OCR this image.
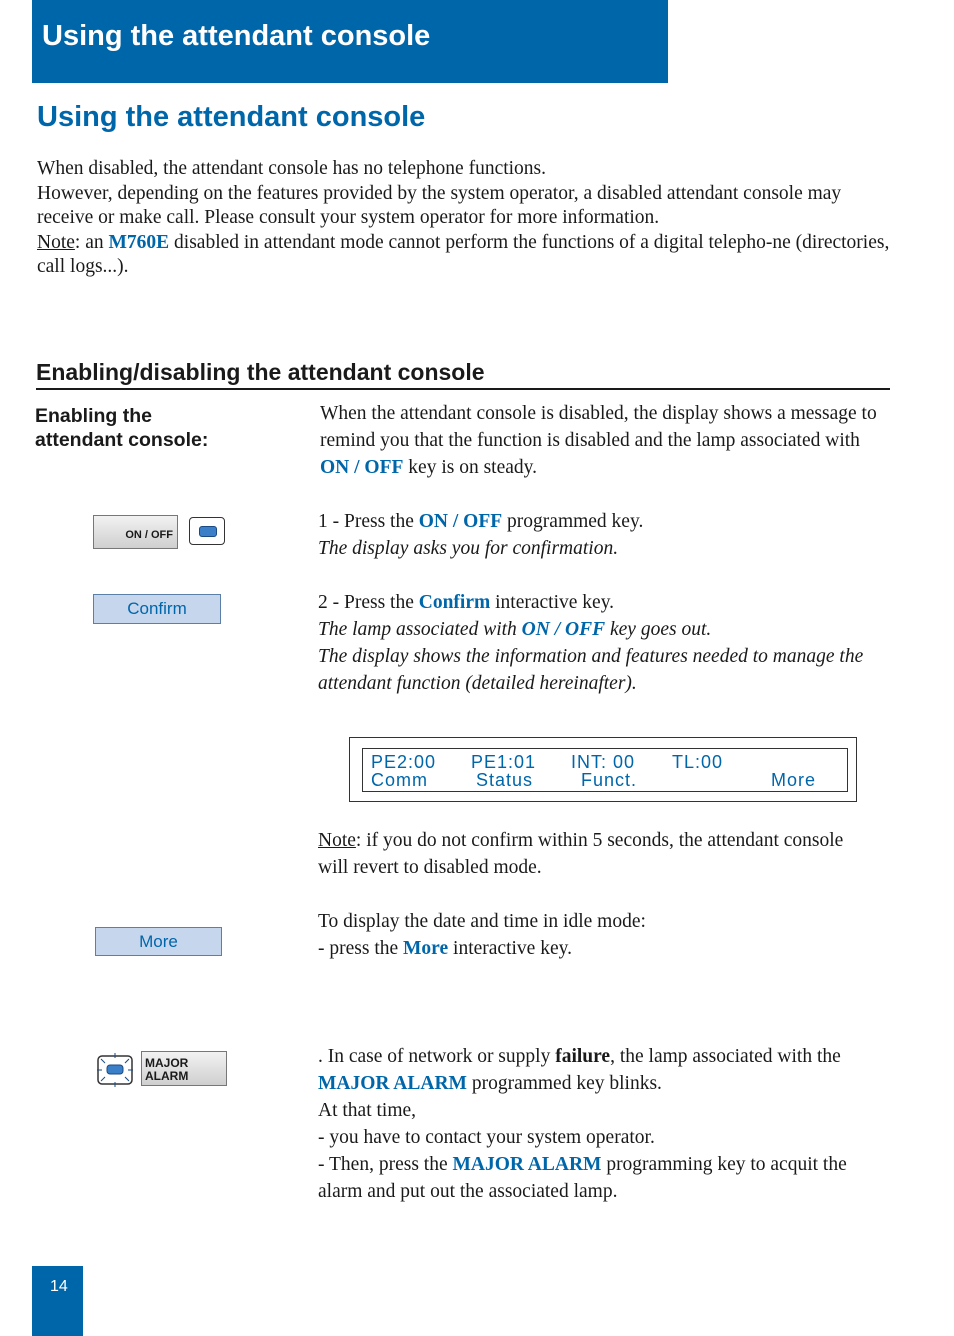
Using the attendant console
Using the attendant console

When disabled, the attendant console has no telephone functions.

However, depending on the features provided by the system operator, a disabled attendant console may receive or make call. Please consult your system operator for more information.

Note: an M760E disabled in attendant mode cannot perform the functions of a digital telepho-ne (directories, call logs...).

Enabling/disabling the attendant console
Enabling the
attendant console:

When the attendant console is disabled, the display shows a message to remind you that the function is disabled and the lamp associated with ON / OFF key is on steady.

ON / OFF

1 - Press the ON / OFF programmed key.

The display asks you for confirmation.

Confirm	2 - Press the Confirm interactive key.

The lamp associated with ON / OFF key goes out.

The display shows the information and features needed to manage the attendant function (detailed hereinafter).

PE2:00 PE1:01 INT: 00 TL:00
Comm	Status	Funct.	More

Note: if you do not confirm within 5 seconds, the attendant console will revert to disabled mode.

More

To display the date and time in idle mode:

- press the More interactive key.

MAJOR
ALARM

. In case of network or supply failure, the lamp associated with the MAJOR ALARM programmed key blinks.

At that time,

- you have to contact your system operator.

- Then, press the MAJOR ALARM programming key to acquit the alarm and put out the associated lamp.

14
